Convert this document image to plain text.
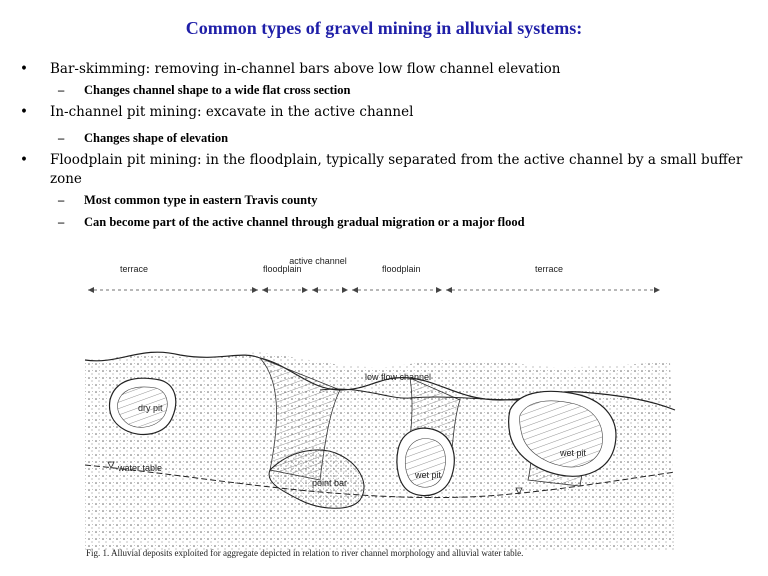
Common types of gravel mining in alluvial systems:
• Bar-skimming: removing in-channel bars above low flow channel elevation
– Changes channel shape to a wide flat cross section
• In-channel pit mining: excavate in the active channel
– Changes shape of elevation
• Floodplain pit mining: in the floodplain, typically separated from the active channel by a small buffer zone
– Most common type in eastern Travis county
– Can become part of the active channel through gradual migration or a major flood
terrace	floodplain
active channel
floodplain	terrace
low flow channel
dry pit
point bar
wet pit
wet pit
water table
Fig. 1. Alluvial deposits exploited for aggregate depicted in relation to river channel morphology and alluvial water table.
